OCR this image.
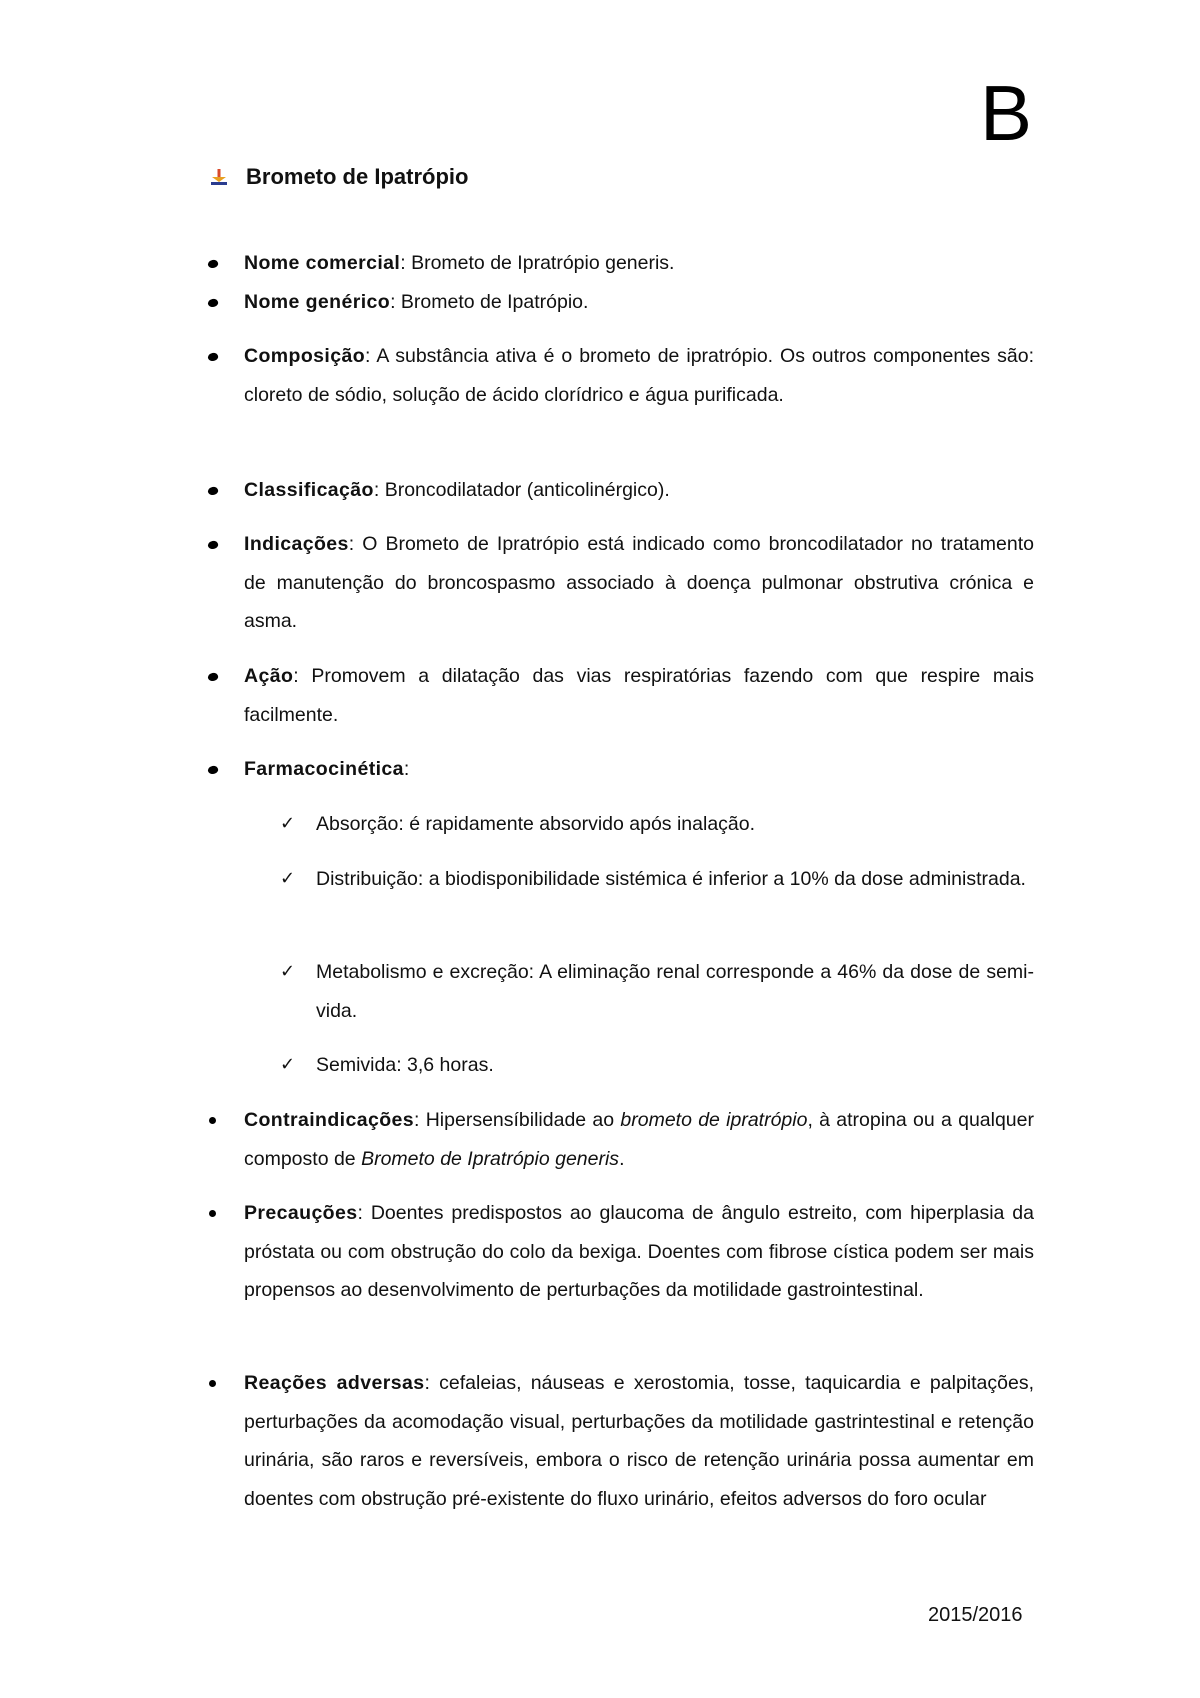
B
Brometo de Ipatrópio
Nome comercial: Brometo de Ipratrópio generis.
Nome genérico: Brometo de Ipatrópio.
Composição: A substância ativa é o brometo de ipratrópio. Os outros componentes são: cloreto de sódio, solução de ácido clorídrico e água purificada.
Classificação: Broncodilatador (anticolinérgico).
Indicações: O Brometo de Ipratrópio está indicado como broncodilatador no tratamento de manutenção do broncospasmo associado à doença pulmonar obstrutiva crónica e asma.
Ação: Promovem a dilatação das vias respiratórias fazendo com que respire mais facilmente.
Farmacocinética:
✓ Absorção: é rapidamente absorvido após inalação.
✓ Distribuição: a biodisponibilidade sistémica é inferior a 10% da dose administrada.
✓ Metabolismo e excreção: A eliminação renal corresponde a 46% da dose de semi-vida.
✓ Semivida: 3,6 horas.
Contraindicações: Hipersensíbilidade ao brometo de ipratrópio, à atropina ou a qualquer composto de Brometo de Ipratrópio generis.
Precauções: Doentes predispostos ao glaucoma de ângulo estreito, com hiperplasia da próstata ou com obstrução do colo da bexiga. Doentes com fibrose cística podem ser mais propensos ao desenvolvimento de perturbações da motilidade gastrointestinal.
Reações adversas: cefaleias, náuseas e xerostomia, tosse, taquicardia e palpitações, perturbações da acomodação visual, perturbações da motilidade gastrintestinal e retenção urinária, são raros e reversíveis, embora o risco de retenção urinária possa aumentar em doentes com obstrução pré-existente do fluxo urinário, efeitos adversos do foro ocular
2015/2016
